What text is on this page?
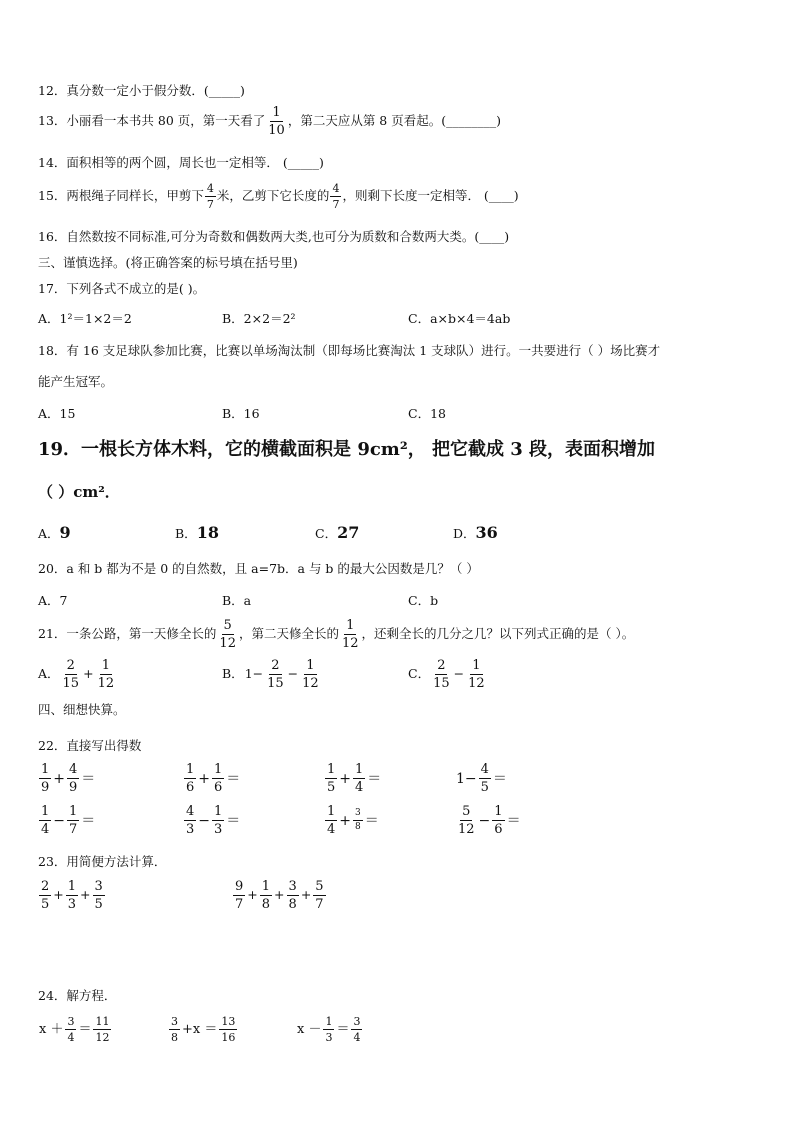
12．真分数一定小于假分数．(_____)
13．小丽看一本书共 80 页，第一天看了 $\frac{1}{10}$ ，第二天应从第 8 页看起。(________)
14．面积相等的两个圆，周长也一定相等． (_____)
15．两根绳子同样长，甲剪下 $\frac{4}{7}$ 米，乙剪下它长度的 $\frac{4}{7}$ ，则剩下长度一定相等． (____)
16．自然数按不同标准,可分为奇数和偶数两大类,也可分为质数和合数两大类。(____)
三、谨慎选择。(将正确答案的标号填在括号里)
17．下列各式不成立的是( )。
A．1²＝1×2＝2	B．2×2＝2²	C．a×b×4＝4ab
18．有 16 支足球队参加比赛，比赛以单场淘汰制（即每场比赛淘汰 1 支球队）进行。一共要进行（ ）场比赛才
能产生冠军。
A．15	B．16	C．18
19．一根长方体木料，它的横截面积是 9cm²， 把它截成 3 段，表面积增加
（ ）cm²．
A．9	B．18	C．27	D．36
20．a 和 b 都为不是 0 的自然数，且 a=7b．a 与 b 的最大公因数是几？（ ）
A．7	B．a	C．b
21．一条公路，第一天修全长的 $\frac{5}{12}$ ，第二天修全长的 $\frac{1}{12}$ ，还剩全长的几分之几？以下列式正确的是（ ）。
A． $\frac{2}{15} + \frac{1}{12}$	B．$1- \frac{2}{15} - \frac{1}{12}$	C． $\frac{2}{15} - \frac{1}{12}$
四、细想快算。
22．直接写出得数
$\frac{1}{9} + \frac{4}{9}$ ＝	$\frac{1}{6} + \frac{1}{6}$ ＝	$\frac{1}{5} + \frac{1}{4}$ ＝	$1- \frac{4}{5}$ ＝
$\frac{1}{4} - \frac{1}{7}$ ＝	$\frac{4}{3} - \frac{1}{3}$ ＝	$\frac{1}{4} + \frac{3}{8}$ ＝	$\frac{5}{12} - \frac{1}{6}$ ＝
23．用简便方法计算．
$\frac{2}{5} + \frac{1}{3} + \frac{3}{5}$	$\frac{9}{7} + \frac{1}{8} + \frac{3}{8} + \frac{5}{7}$
24．解方程．
$x + \frac{3}{4} = \frac{11}{12}$	$\frac{3}{8} +x = \frac{13}{16}$	$x - \frac{1}{3} = \frac{3}{4}$
